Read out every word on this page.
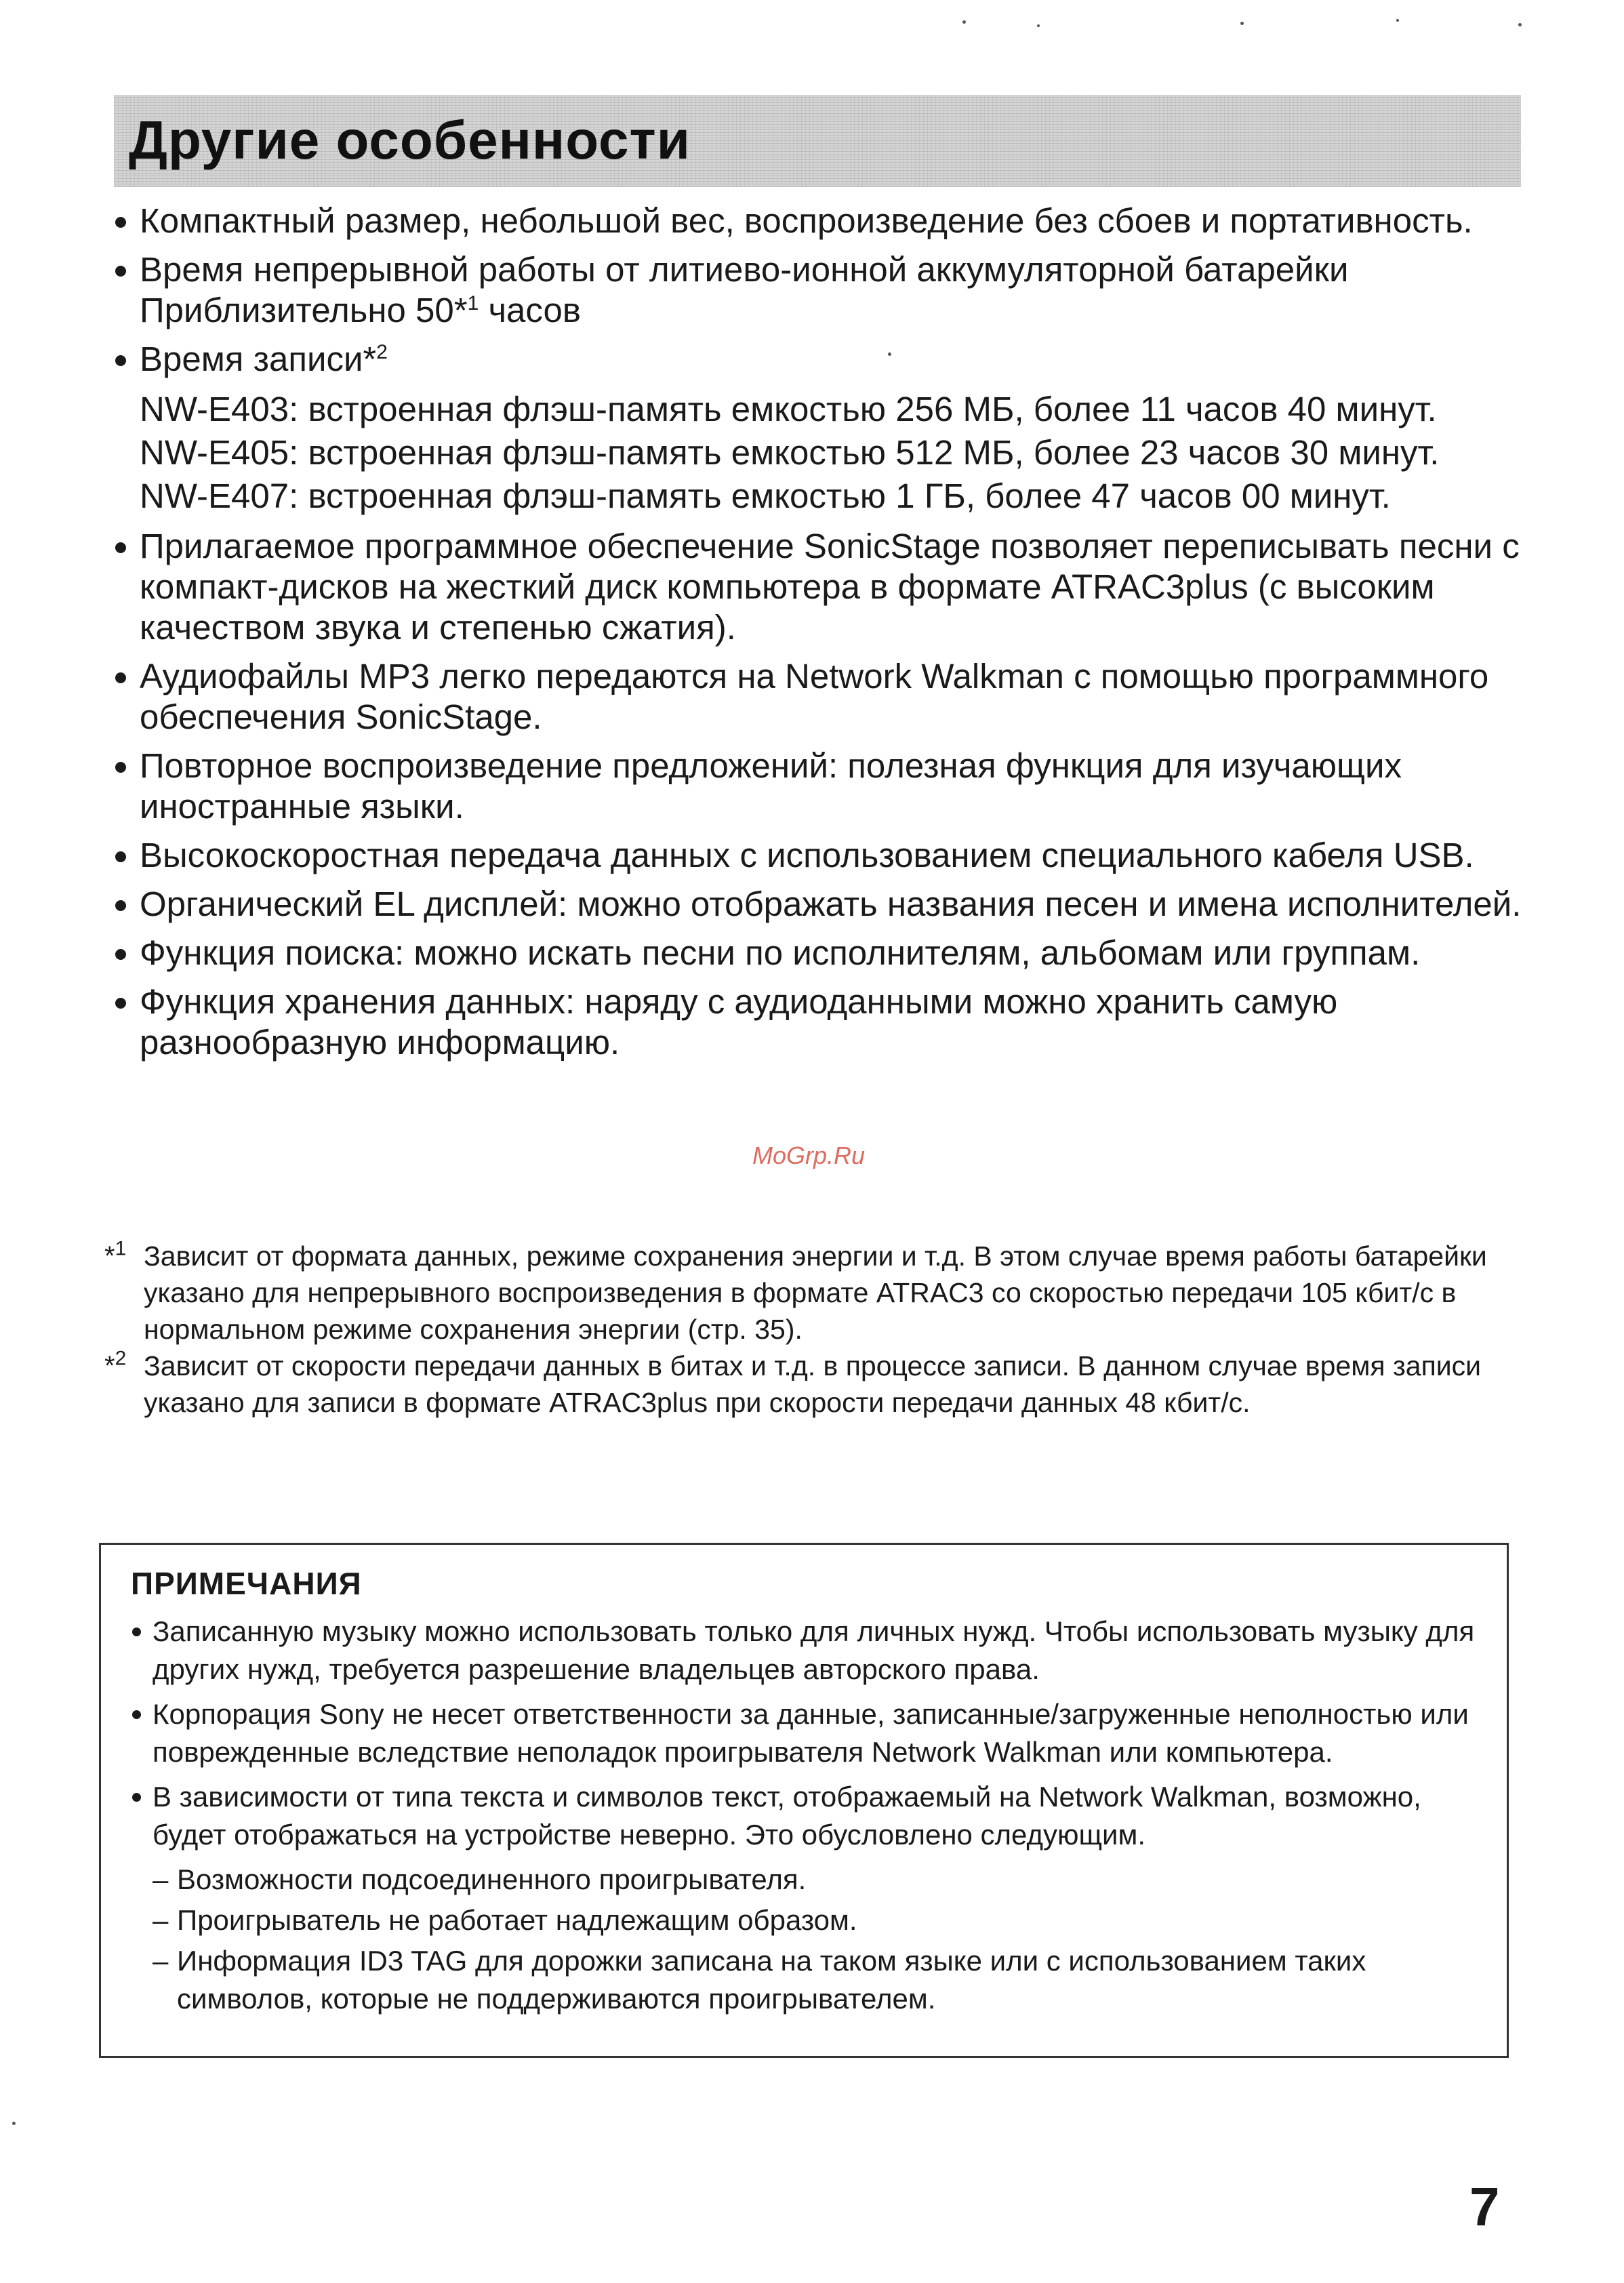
Другие особенности
Компактный размер, небольшой вес, воспроизведение без сбоев и портативность.
Время непрерывной работы от литиево-ионной аккумуляторной батарейки Приблизительно 50*$^1$ часов
Время записи*$^2$
NW-E403: встроенная флэш-память емкостью 256 МБ, более 11 часов 40 минут.
NW-E405: встроенная флэш-память емкостью 512 МБ, более 23 часов 30 минут.
NW-E407: встроенная флэш-память емкостью 1 ГБ, более 47 часов 00 минут.
Прилагаемое программное обеспечение SonicStage позволяет переписывать песни с компакт-дисков на жесткий диск компьютера в формате ATRAC3plus (с высоким качеством звука и степенью сжатия).
Аудиофайлы MP3 легко передаются на Network Walkman с помощью программного обеспечения SonicStage.
Повторное воспроизведение предложений: полезная функция для изучающих иностранные языки.
Высокоскоростная передача данных с использованием специального кабеля USB.
Органический EL дисплей: можно отображать названия песен и имена исполнителей.
Функция поиска: можно искать песни по исполнителям, альбомам или группам.
Функция хранения данных: наряду с аудиоданными можно хранить самую разнообразную информацию.
MoGrp.Ru
*$^1$ Зависит от формата данных, режиме сохранения энергии и т.д. В этом случае время работы батарейки указано для непрерывного воспроизведения в формате ATRAC3 со скоростью передачи 105 кбит/с в нормальном режиме сохранения энергии (стр. 35).
*$^2$ Зависит от скорости передачи данных в битах и т.д. в процессе записи. В данном случае время записи указано для записи в формате ATRAC3plus при скорости передачи данных 48 кбит/с.
ПРИМЕЧАНИЯ
Записанную музыку можно использовать только для личных нужд. Чтобы использовать музыку для других нужд, требуется разрешение владельцев авторского права.
Корпорация Sony не несет ответственности за данные, записанные/загруженные неполностью или поврежденные вследствие неполадок проигрывателя Network Walkman или компьютера.
В зависимости от типа текста и символов текст, отображаемый на Network Walkman, возможно, будет отображаться на устройстве неверно. Это обусловлено следующим.
– Возможности подсоединенного проигрывателя.
– Проигрыватель не работает надлежащим образом.
– Информация ID3 TAG для дорожки записана на таком языке или с использованием таких символов, которые не поддерживаются проигрывателем.
7
